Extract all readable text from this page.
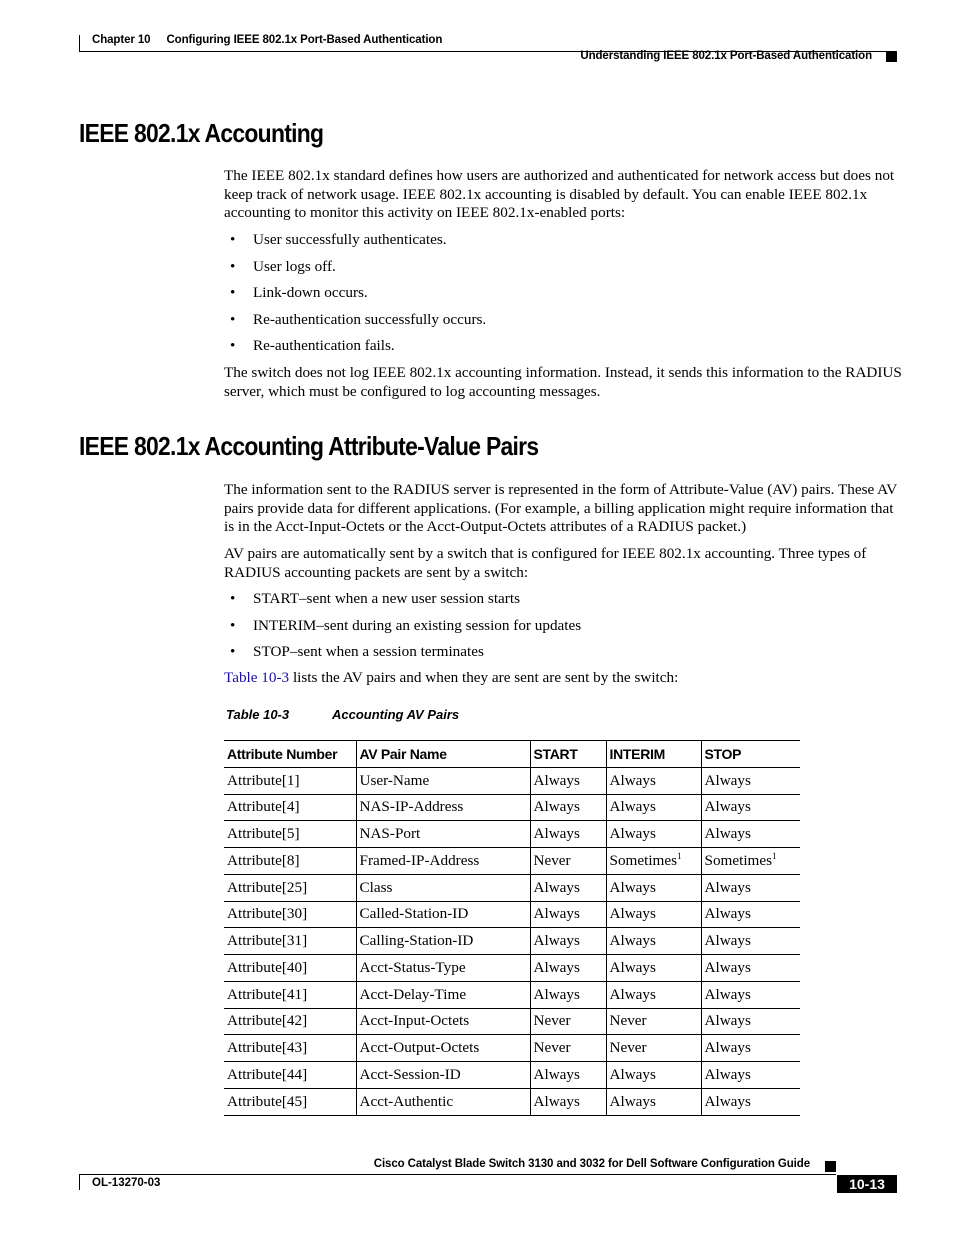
Chapter 10 Configuring IEEE 802.1x Port-Based Authentication
Understanding IEEE 802.1x Port-Based Authentication
IEEE 802.1x Accounting

The IEEE 802.1x standard defines how users are authorized and authenticated for network access but does not keep track of network usage. IEEE 802.1x accounting is disabled by default. You can enable IEEE 802.1x accounting to monitor this activity on IEEE 802.1x-enabled ports:

• User successfully authenticates.
• User logs off.
• Link-down occurs.
• Re-authentication successfully occurs.
• Re-authentication fails.

The switch does not log IEEE 802.1x accounting information. Instead, it sends this information to the RADIUS server, which must be configured to log accounting messages.

IEEE 802.1x Accounting Attribute-Value Pairs

The information sent to the RADIUS server is represented in the form of Attribute-Value (AV) pairs. These AV pairs provide data for different applications. (For example, a billing application might require information that is in the Acct-Input-Octets or the Acct-Output-Octets attributes of a RADIUS packet.)

AV pairs are automatically sent by a switch that is configured for IEEE 802.1x accounting. Three types of RADIUS accounting packets are sent by a switch:

• START–sent when a new user session starts
• INTERIM–sent during an existing session for updates
• STOP–sent when a session terminates

Table 10-3 lists the AV pairs and when they are sent are sent by the switch:

Table 10-3	Accounting AV Pairs
Attribute Number	AV Pair Name	START	INTERIM	STOP
Attribute[1]	User-Name	Always	Always	Always
Attribute[4]	NAS-IP-Address	Always	Always	Always
Attribute[5]	NAS-Port	Always	Always	Always
Attribute[8]	Framed-IP-Address	Never	Sometimes$^1$	Sometimes$^1$
Attribute[25]	Class	Always	Always	Always
Attribute[30]	Called-Station-ID	Always	Always	Always
Attribute[31]	Calling-Station-ID	Always	Always	Always
Attribute[40]	Acct-Status-Type	Always	Always	Always
Attribute[41]	Acct-Delay-Time	Always	Always	Always
Attribute[42]	Acct-Input-Octets	Never	Never	Always
Attribute[43]	Acct-Output-Octets	Never	Never	Always
Attribute[44]	Acct-Session-ID	Always	Always	Always
Attribute[45]	Acct-Authentic	Always	Always	Always
Cisco Catalyst Blade Switch 3130 and 3032 for Dell Software Configuration Guide
OL-13270-03	10-13
